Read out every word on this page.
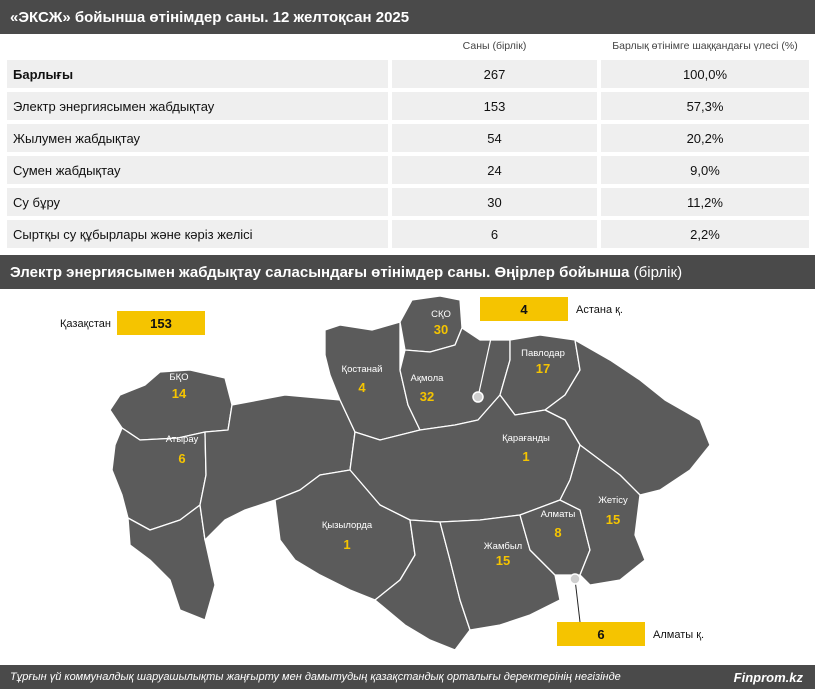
«ЭКСЖ» бойынша өтінімдер саны. 12 желтоқсан 2025
Саны (бірлік)	Барлық өтінімге шаққандағы үлесі (%)
Барлығы	267	100,0%
Электр энергиясымен жабдықтау	153	57,3%
Жылумен жабдықтау	54	20,2%
Сумен жабдықтау	24	9,0%
Су бұру	30	11,2%
Сыртқы су құбырлары және кәріз желісі	6	2,2%
Электр энергиясымен жабдықтау саласындағы өтінімдер саны. Өңірлер бойынша
(бірлік)
Қазақстан	153
4	Астана қ.
6	Алматы қ.
СҚО
Қостанай
Ақмола
Павлодар
БҚО
Атырау	Қарағанды
Қызылорда
Алматы
Жетісу
Жамбыл
30
4
32
17
14
6	1
1
8
15
15
Тұрғын үй коммуналдық шаруашылықты жаңғырту мен дамытудың қазақстандық орталығы деректерінің негізінде	Finprom.kz
